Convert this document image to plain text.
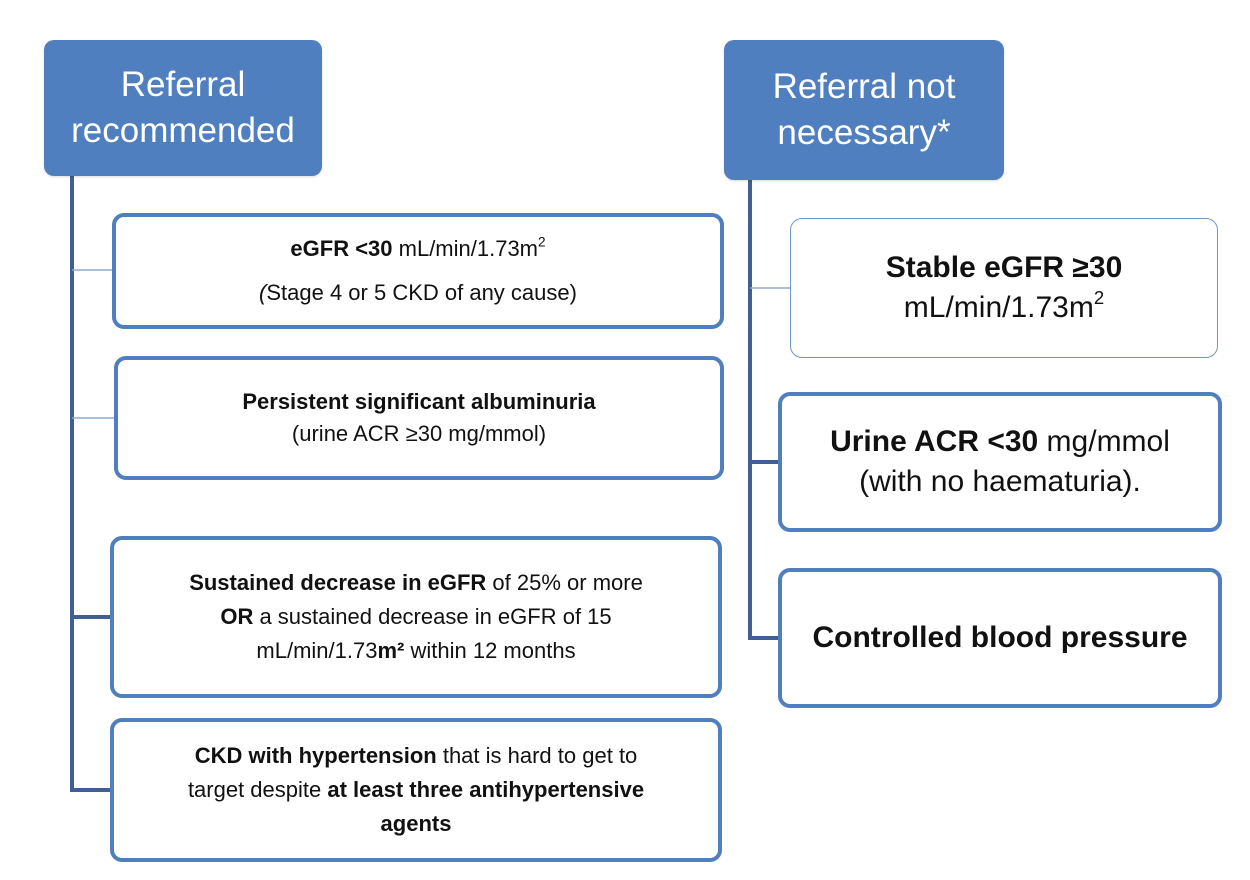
Referral
recommended
Referral not
necessary*
eGFR <30 $mL/\min/1.73m^2$
(Stage 4 or 5 CKD of any cause)
Persistent significant albuminuria
(urine ACR ≥30 mg/mmol)
Sustained decrease in eGFR of 25% or more
OR a sustained decrease in eGFR of 15
mL/min/1.73m² within 12 months
CKD with hypertension that is hard to get to
target despite at least three antihypertensive
agents
Stable eGFR ≥30
$mL/\min/1.73m^2$
Urine ACR <30 mg/mmol
(with no haematuria).
Controlled blood pressure
